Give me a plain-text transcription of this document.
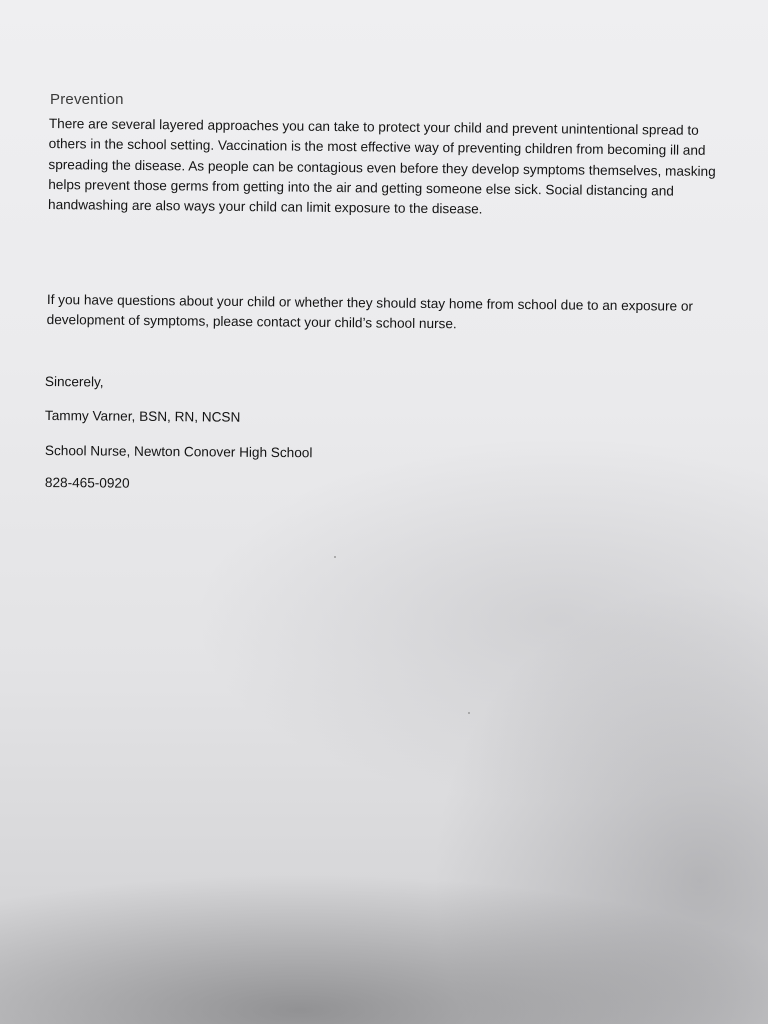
Prevention

There are several layered approaches you can take to protect your child and prevent unintentional spread to others in the school setting. Vaccination is the most effective way of preventing children from becoming ill and spreading the disease. As people can be contagious even before they develop symptoms themselves, masking helps prevent those germs from getting into the air and getting someone else sick. Social distancing and handwashing are also ways your child can limit exposure to the disease.

If you have questions about your child or whether they should stay home from school due to an exposure or development of symptoms, please contact your child’s school nurse.

Sincerely,

Tammy Varner, BSN, RN, NCSN

School Nurse, Newton Conover High School

828-465-0920
